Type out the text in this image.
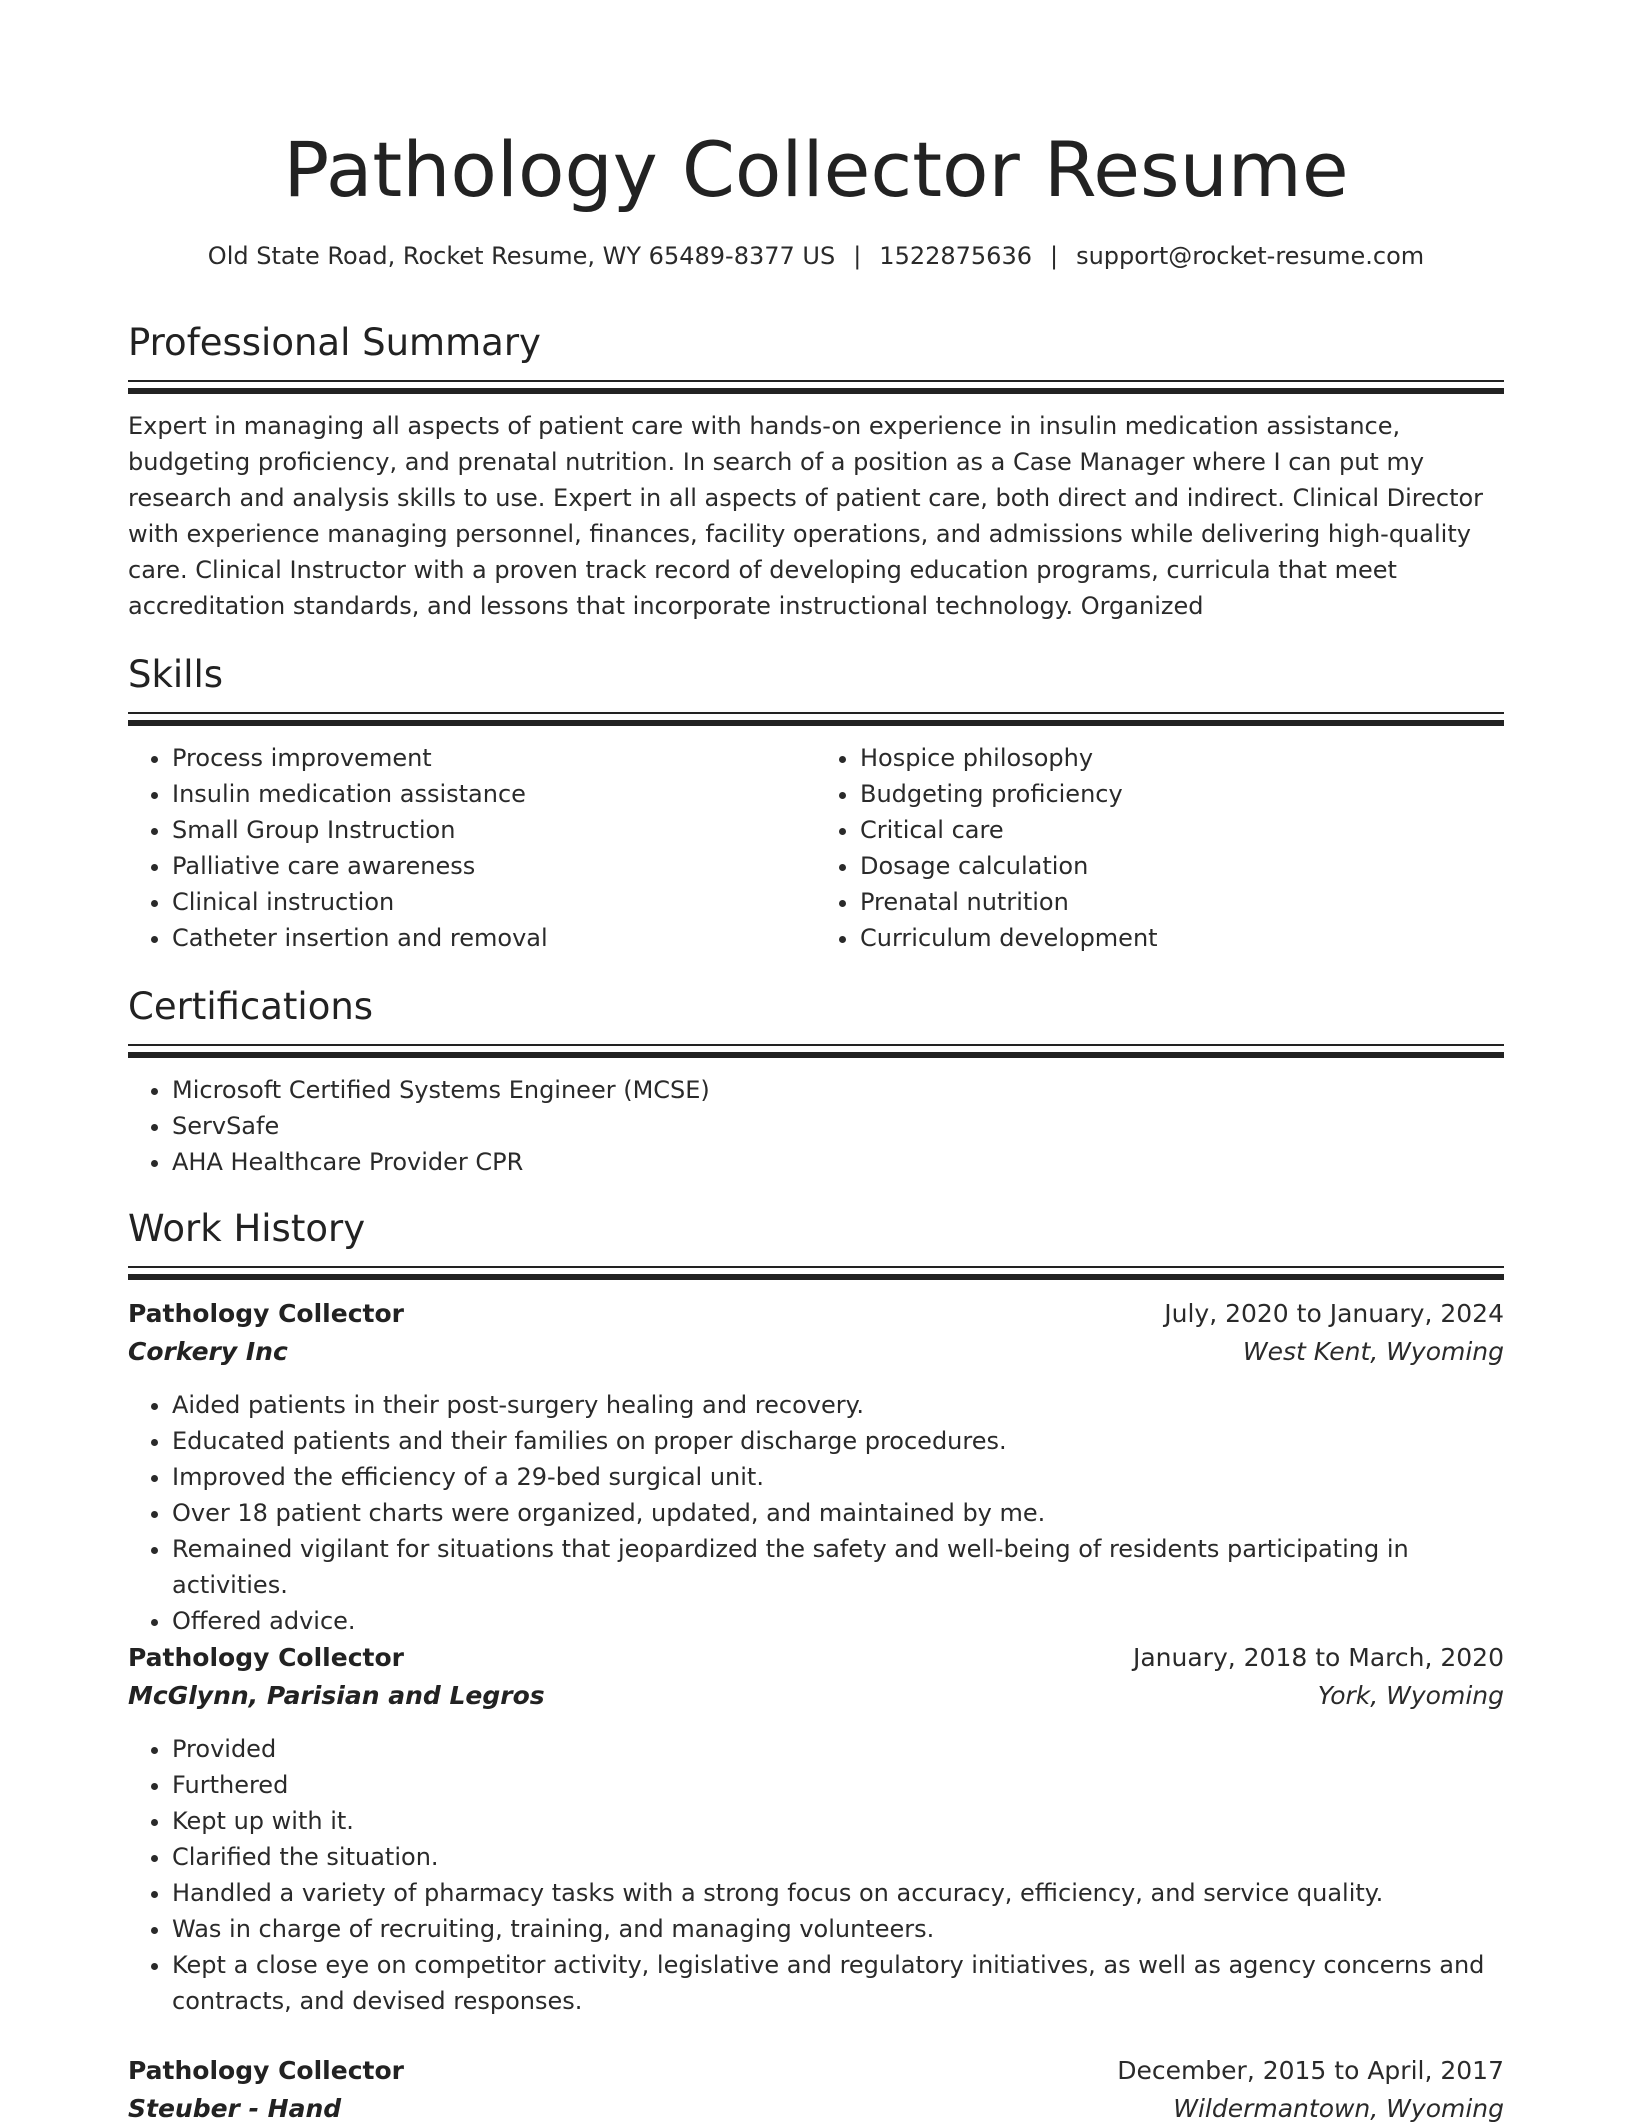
Pathology Collector Resume
Old State Road, Rocket Resume, WY 65489-8377 US | 1522875636 | support@rocket-resume.com
Professional Summary

Expert in managing all aspects of patient care with hands-on experience in insulin medication assistance, budgeting proficiency, and prenatal nutrition. In search of a position as a Case Manager where I can put my research and analysis skills to use. Expert in all aspects of patient care, both direct and indirect. Clinical Director with experience managing personnel, finances, facility operations, and admissions while delivering high-quality care. Clinical Instructor with a proven track record of developing education programs, curricula that meet accreditation standards, and lessons that incorporate instructional technology. Organized

Skills
• Process improvement
• Insulin medication assistance
• Small Group Instruction
• Palliative care awareness
• Clinical instruction
• Catheter insertion and removal
• Hospice philosophy
• Budgeting proficiency
• Critical care
• Dosage calculation
• Prenatal nutrition
• Curriculum development
Certifications
• Microsoft Certified Systems Engineer (MCSE)
• ServSafe
• AHA Healthcare Provider CPR
Work History
Pathology Collector	July, 2020 to January, 2024
Corkery Inc	West Kent, Wyoming
• Aided patients in their post-surgery healing and recovery.
• Educated patients and their families on proper discharge procedures.
• Improved the efficiency of a 29-bed surgical unit.
• Over 18 patient charts were organized, updated, and maintained by me.
• Remained vigilant for situations that jeopardized the safety and well-being of residents participating in activities.
• Offered advice.
Pathology Collector	January, 2018 to March, 2020
McGlynn, Parisian and Legros	York, Wyoming
• Provided
• Furthered
• Kept up with it.
• Clarified the situation.
• Handled a variety of pharmacy tasks with a strong focus on accuracy, efficiency, and service quality.
• Was in charge of recruiting, training, and managing volunteers.
• Kept a close eye on competitor activity, legislative and regulatory initiatives, as well as agency concerns and contracts, and devised responses.
Pathology Collector	December, 2015 to April, 2017
Steuber - Hand	Wildermantown, Wyoming
